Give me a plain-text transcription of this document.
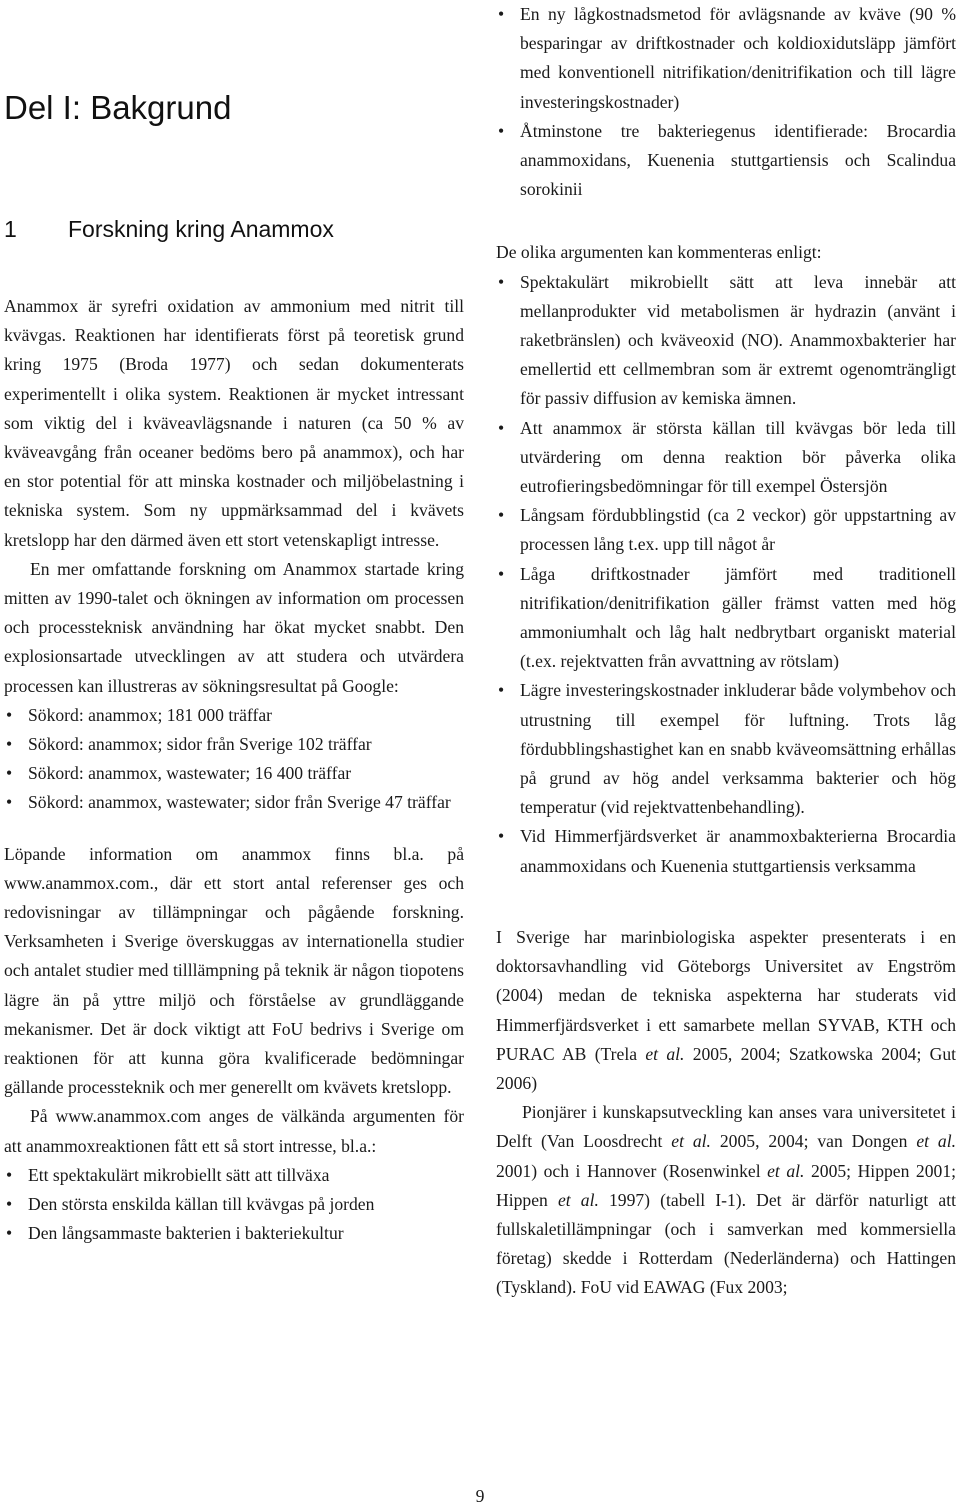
Del I: Bakgrund
1 Forskning kring Anammox

Anammox är syrefri oxidation av ammonium med nitrit till kvävgas. Reaktionen har identifierats först på teoretisk grund kring 1975 (Broda 1977) och sedan dokumenterats experimentellt i olika system. Reaktionen är mycket intressant som viktig del i kväveavlägsnande i naturen (ca 50 % av kväveavgång från oceaner bedöms bero på anammox), och har en stor potential för att minska kostnader och miljöbelastning i tekniska system. Som ny uppmärksammad del i kvävets kretslopp har den därmed även ett stort vetenskapligt intresse.

En mer omfattande forskning om Anammox startade kring mitten av 1990-talet och ökningen av information om processen och processteknisk användning har ökat mycket snabbt. Den explosionsartade utvecklingen av att studera och utvärdera processen kan illustreras av sökningsresultat på Google:

• Sökord: anammox; 181 000 träffar
• Sökord: anammox; sidor från Sverige 102 träffar
• Sökord: anammox, wastewater; 16 400 träffar
• Sökord: anammox, wastewater; sidor från Sverige 47 träffar

Löpande information om anammox finns bl.a. på www.anammox.com., där ett stort antal referenser ges och redovisningar av tillämpningar och pågående forskning. Verksamheten i Sverige överskuggas av internationella studier och antalet studier med tilllämpning på teknik är någon tiopotens lägre än på yttre miljö och förståelse av grundläggande mekanismer. Det är dock viktigt att FoU bedrivs i Sverige om reaktionen för att kunna göra kvalificerade bedömningar gällande processteknik och mer generellt om kvävets kretslopp.

På www.anammox.com anges de välkända argumenten för att anammoxreaktionen fått ett så stort intresse, bl.a.:

• Ett spektakulärt mikrobiellt sätt att tillväxa
• Den största enskilda källan till kvävgas på jorden
• Den långsammaste bakterien i bakteriekultur
• En ny lågkostnadsmetod för avlägsnande av kväve (90 % besparingar av driftkostnader och koldioxidutsläpp jämfört med konventionell nitrifikation/denitrifikation och till lägre investeringskostnader)
• Åtminstone tre bakteriegenus identifierade: Brocardia anammoxidans, Kuenenia stuttgartiensis och Scalindua sorokinii

De olika argumenten kan kommenteras enligt:

• Spektakulärt mikrobiellt sätt att leva innebär att mellanprodukter vid metabolismen är hydrazin (använt i raketbränslen) och kväveoxid (NO). Anammoxbakterier har emellertid ett cellmembran som är extremt ogenomträngligt för passiv diffusion av kemiska ämnen.
• Att anammox är största källan till kvävgas bör leda till utvärdering om denna reaktion bör påverka olika eutrofieringsbedömningar för till exempel Östersjön
• Långsam fördubblingstid (ca 2 veckor) gör uppstartning av processen lång t.ex. upp till något år
• Låga driftkostnader jämfört med traditionell nitrifikation/denitrifikation gäller främst vatten med hög ammoniumhalt och låg halt nedbrytbart organiskt material (t.ex. rejektvatten från avvattning av rötslam)
• Lägre investeringskostnader inkluderar både volymbehov och utrustning till exempel för luftning. Trots låg fördubblingshastighet kan en snabb kväveomsättning erhållas på grund av hög andel verksamma bakterier och hög temperatur (vid rejektvattenbehandling).
• Vid Himmerfjärdsverket är anammoxbakterierna Brocardia anammoxidans och Kuenenia stuttgartiensis verksamma

I Sverige har marinbiologiska aspekter presenterats i en doktorsavhandling vid Göteborgs Universitet av Engström (2004) medan de tekniska aspekterna har studerats vid Himmerfjärdsverket i ett samarbete mellan SYVAB, KTH och PURAC AB (Trela et al. 2005, 2004; Szatkowska 2004; Gut 2006)

Pionjärer i kunskapsutveckling kan anses vara universitetet i Delft (Van Loosdrecht et al. 2005, 2004; van Dongen et al. 2001) och i Hannover (Rosenwinkel et al. 2005; Hippen 2001; Hippen et al. 1997) (tabell I-1). Det är därför naturligt att fullskaletillämpningar (och i samverkan med kommersiella företag) skedde i Rotterdam (Nederländerna) och Hattingen (Tyskland). FoU vid EAWAG (Fux 2003;

9
